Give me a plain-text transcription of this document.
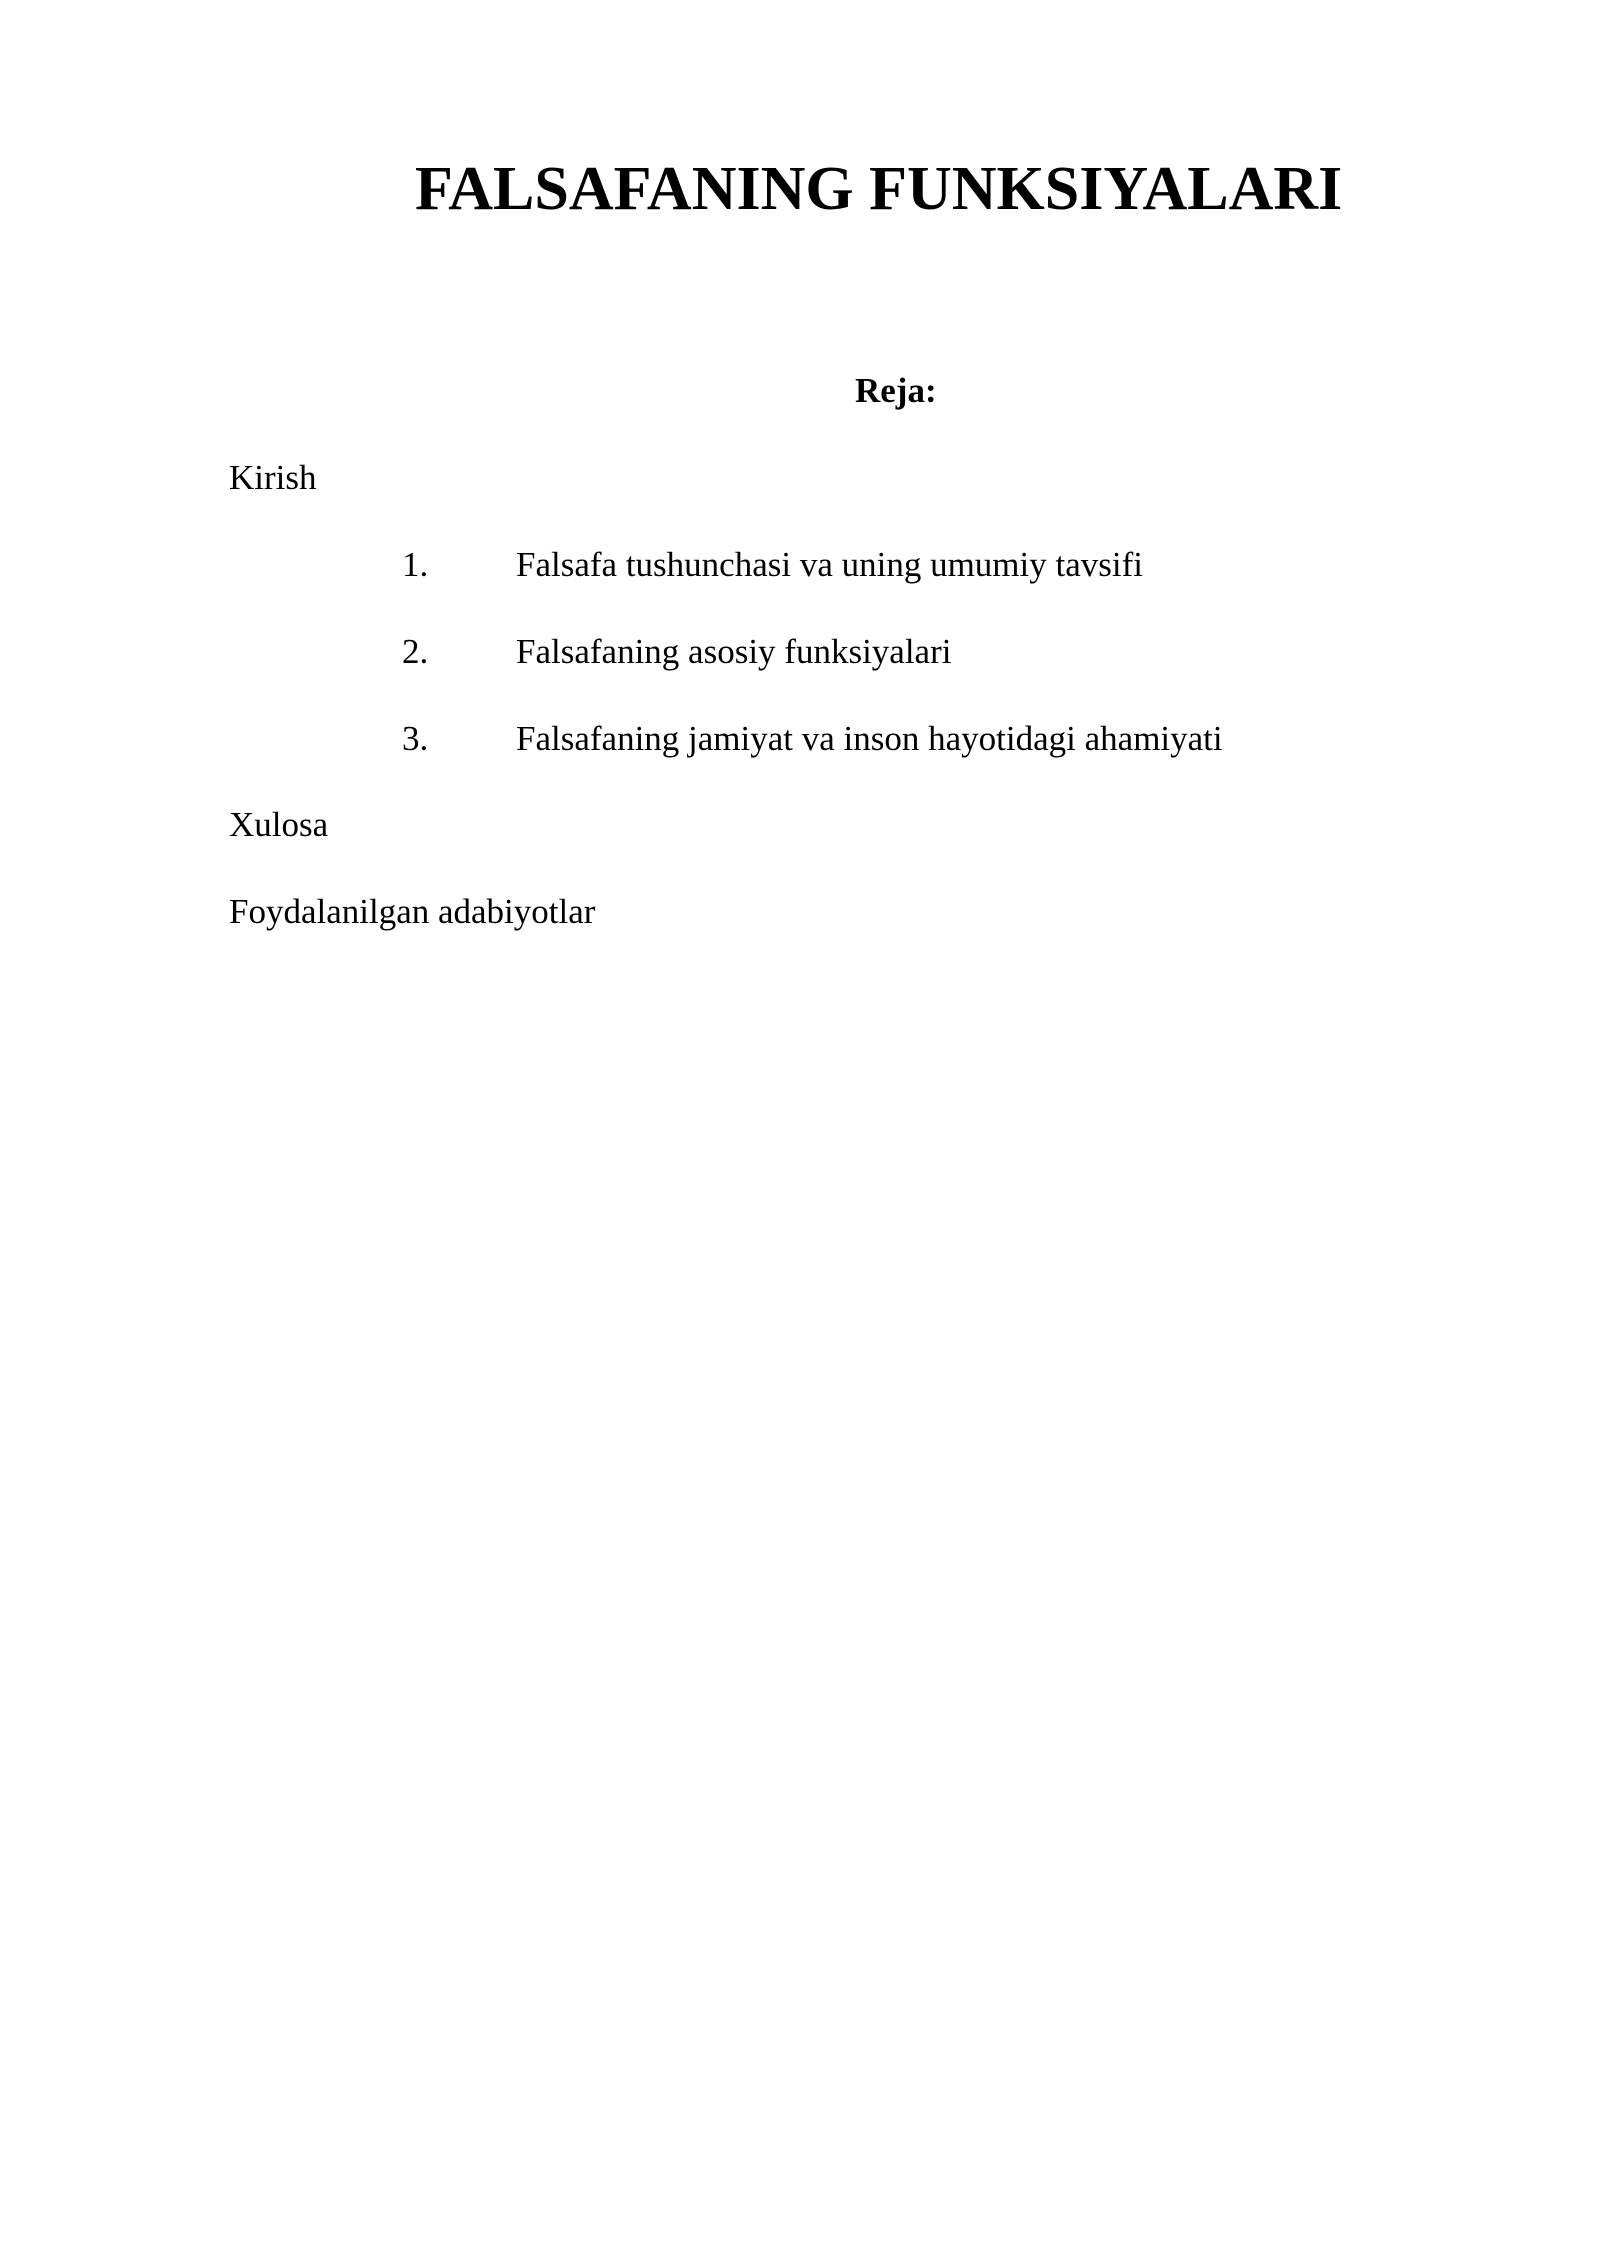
FALSAFANING FUNKSIYALARI
Reja:

Kirish

1.	Falsafa tushunchasi va uning umumiy tavsifi
2.	Falsafaning asosiy funksiyalari
3.	Falsafaning jamiyat va inson hayotidagi ahamiyati

Xulosa

Foydalanilgan adabiyotlar
